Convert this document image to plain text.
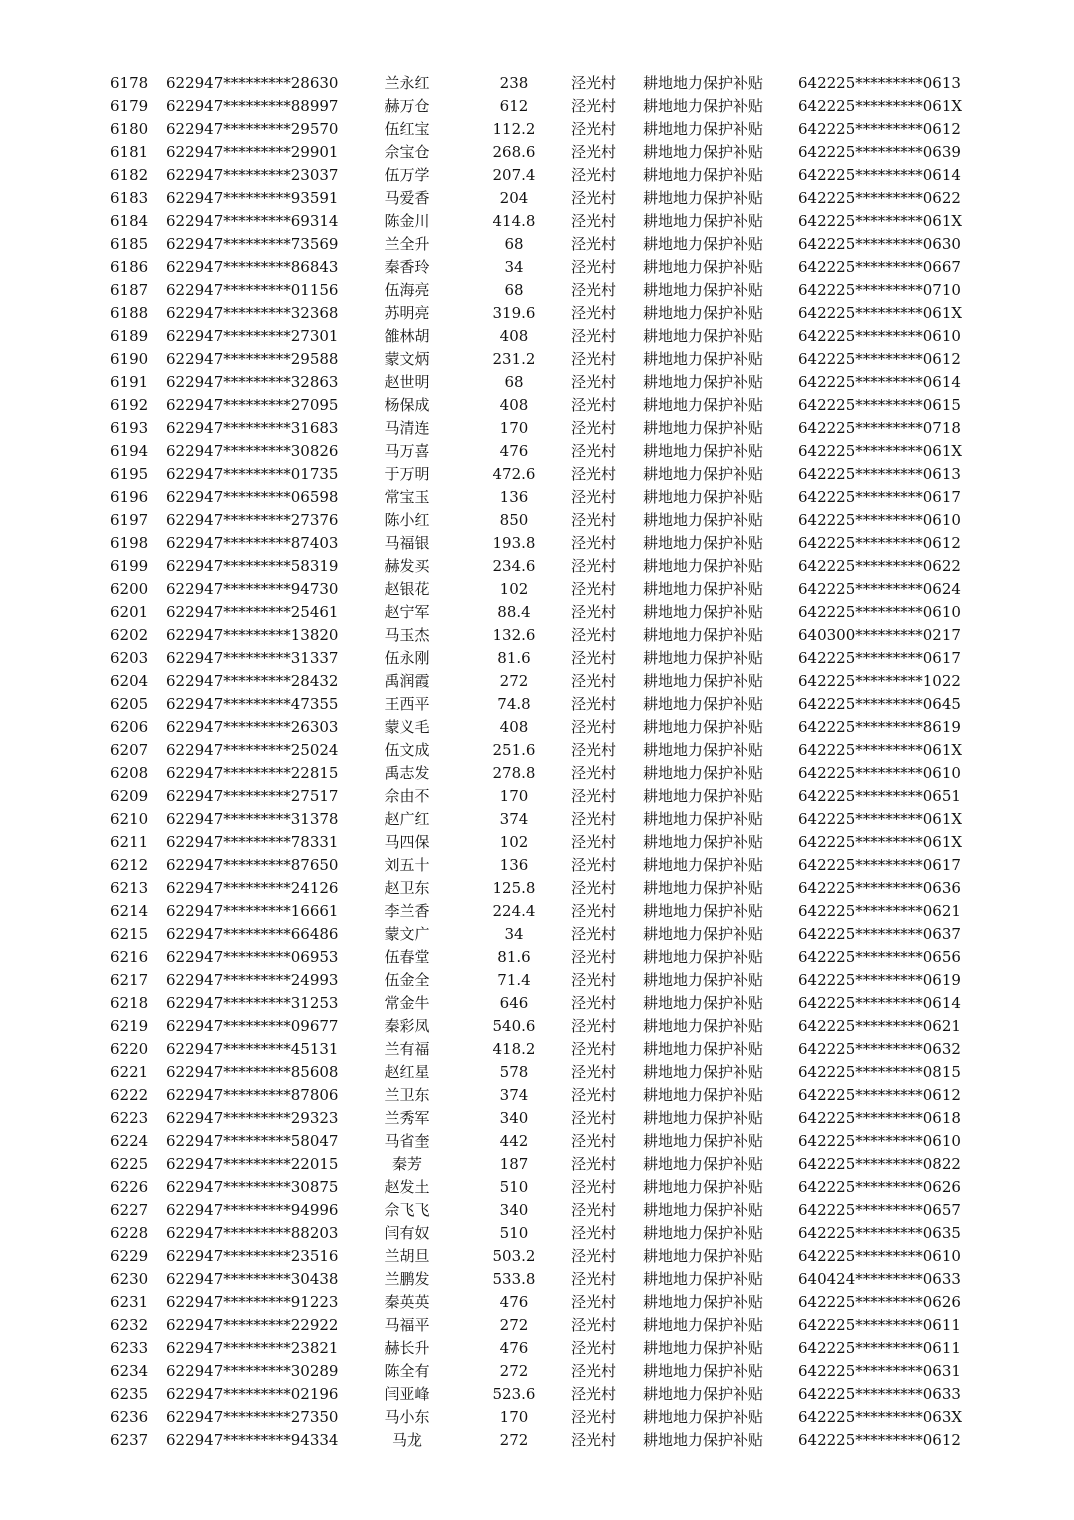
6178	622947*********28630	兰永红	238	泾光村	耕地地力保护补贴	642225*********0613
6179	622947*********88997	赫万仓	612	泾光村	耕地地力保护补贴	642225*********061X
6180	622947*********29570	伍红宝	112.2	泾光村	耕地地力保护补贴	642225*********0612
6181	622947*********29901	佘宝仓	268.6	泾光村	耕地地力保护补贴	642225*********0639
6182	622947*********23037	伍万学	207.4	泾光村	耕地地力保护补贴	642225*********0614
6183	622947*********93591	马爱香	204	泾光村	耕地地力保护补贴	642225*********0622
6184	622947*********69314	陈金川	414.8	泾光村	耕地地力保护补贴	642225*********061X
6185	622947*********73569	兰全升	68	泾光村	耕地地力保护补贴	642225*********0630
6186	622947*********86843	秦香玲	34	泾光村	耕地地力保护补贴	642225*********0667
6187	622947*********01156	伍海亮	68	泾光村	耕地地力保护补贴	642225*********0710
6188	622947*********32368	苏明亮	319.6	泾光村	耕地地力保护补贴	642225*********061X
6189	622947*********27301	雒林胡	408	泾光村	耕地地力保护补贴	642225*********0610
6190	622947*********29588	蒙文炳	231.2	泾光村	耕地地力保护补贴	642225*********0612
6191	622947*********32863	赵世明	68	泾光村	耕地地力保护补贴	642225*********0614
6192	622947*********27095	杨保成	408	泾光村	耕地地力保护补贴	642225*********0615
6193	622947*********31683	马清连	170	泾光村	耕地地力保护补贴	642225*********0718
6194	622947*********30826	马万喜	476	泾光村	耕地地力保护补贴	642225*********061X
6195	622947*********01735	于万明	472.6	泾光村	耕地地力保护补贴	642225*********0613
6196	622947*********06598	常宝玉	136	泾光村	耕地地力保护补贴	642225*********0617
6197	622947*********27376	陈小红	850	泾光村	耕地地力保护补贴	642225*********0610
6198	622947*********87403	马福银	193.8	泾光村	耕地地力保护补贴	642225*********0612
6199	622947*********58319	赫发买	234.6	泾光村	耕地地力保护补贴	642225*********0622
6200	622947*********94730	赵银花	102	泾光村	耕地地力保护补贴	642225*********0624
6201	622947*********25461	赵宁军	88.4	泾光村	耕地地力保护补贴	642225*********0610
6202	622947*********13820	马玉杰	132.6	泾光村	耕地地力保护补贴	640300*********0217
6203	622947*********31337	伍永刚	81.6	泾光村	耕地地力保护补贴	642225*********0617
6204	622947*********28432	禹润霞	272	泾光村	耕地地力保护补贴	642225*********1022
6205	622947*********47355	王西平	74.8	泾光村	耕地地力保护补贴	642225*********0645
6206	622947*********26303	蒙义毛	408	泾光村	耕地地力保护补贴	642225*********8619
6207	622947*********25024	伍文成	251.6	泾光村	耕地地力保护补贴	642225*********061X
6208	622947*********22815	禹志发	278.8	泾光村	耕地地力保护补贴	642225*********0610
6209	622947*********27517	佘由不	170	泾光村	耕地地力保护补贴	642225*********0651
6210	622947*********31378	赵广红	374	泾光村	耕地地力保护补贴	642225*********061X
6211	622947*********78331	马四保	102	泾光村	耕地地力保护补贴	642225*********061X
6212	622947*********87650	刘五十	136	泾光村	耕地地力保护补贴	642225*********0617
6213	622947*********24126	赵卫东	125.8	泾光村	耕地地力保护补贴	642225*********0636
6214	622947*********16661	李兰香	224.4	泾光村	耕地地力保护补贴	642225*********0621
6215	622947*********66486	蒙文广	34	泾光村	耕地地力保护补贴	642225*********0637
6216	622947*********06953	伍春堂	81.6	泾光村	耕地地力保护补贴	642225*********0656
6217	622947*********24993	伍金全	71.4	泾光村	耕地地力保护补贴	642225*********0619
6218	622947*********31253	常金牛	646	泾光村	耕地地力保护补贴	642225*********0614
6219	622947*********09677	秦彩凤	540.6	泾光村	耕地地力保护补贴	642225*********0621
6220	622947*********45131	兰有福	418.2	泾光村	耕地地力保护补贴	642225*********0632
6221	622947*********85608	赵红星	578	泾光村	耕地地力保护补贴	642225*********0815
6222	622947*********87806	兰卫东	374	泾光村	耕地地力保护补贴	642225*********0612
6223	622947*********29323	兰秀军	340	泾光村	耕地地力保护补贴	642225*********0618
6224	622947*********58047	马省奎	442	泾光村	耕地地力保护补贴	642225*********0610
6225	622947*********22015	秦芳	187	泾光村	耕地地力保护补贴	642225*********0822
6226	622947*********30875	赵发土	510	泾光村	耕地地力保护补贴	642225*********0626
6227	622947*********94996	佘飞飞	340	泾光村	耕地地力保护补贴	642225*********0657
6228	622947*********88203	闫有奴	510	泾光村	耕地地力保护补贴	642225*********0635
6229	622947*********23516	兰胡旦	503.2	泾光村	耕地地力保护补贴	642225*********0610
6230	622947*********30438	兰鹏发	533.8	泾光村	耕地地力保护补贴	640424*********0633
6231	622947*********91223	秦英英	476	泾光村	耕地地力保护补贴	642225*********0626
6232	622947*********22922	马福平	272	泾光村	耕地地力保护补贴	642225*********0611
6233	622947*********23821	赫长升	476	泾光村	耕地地力保护补贴	642225*********0611
6234	622947*********30289	陈全有	272	泾光村	耕地地力保护补贴	642225*********0631
6235	622947*********02196	闫亚峰	523.6	泾光村	耕地地力保护补贴	642225*********0633
6236	622947*********27350	马小东	170	泾光村	耕地地力保护补贴	642225*********063X
6237	622947*********94334	马龙	272	泾光村	耕地地力保护补贴	642225*********0612
